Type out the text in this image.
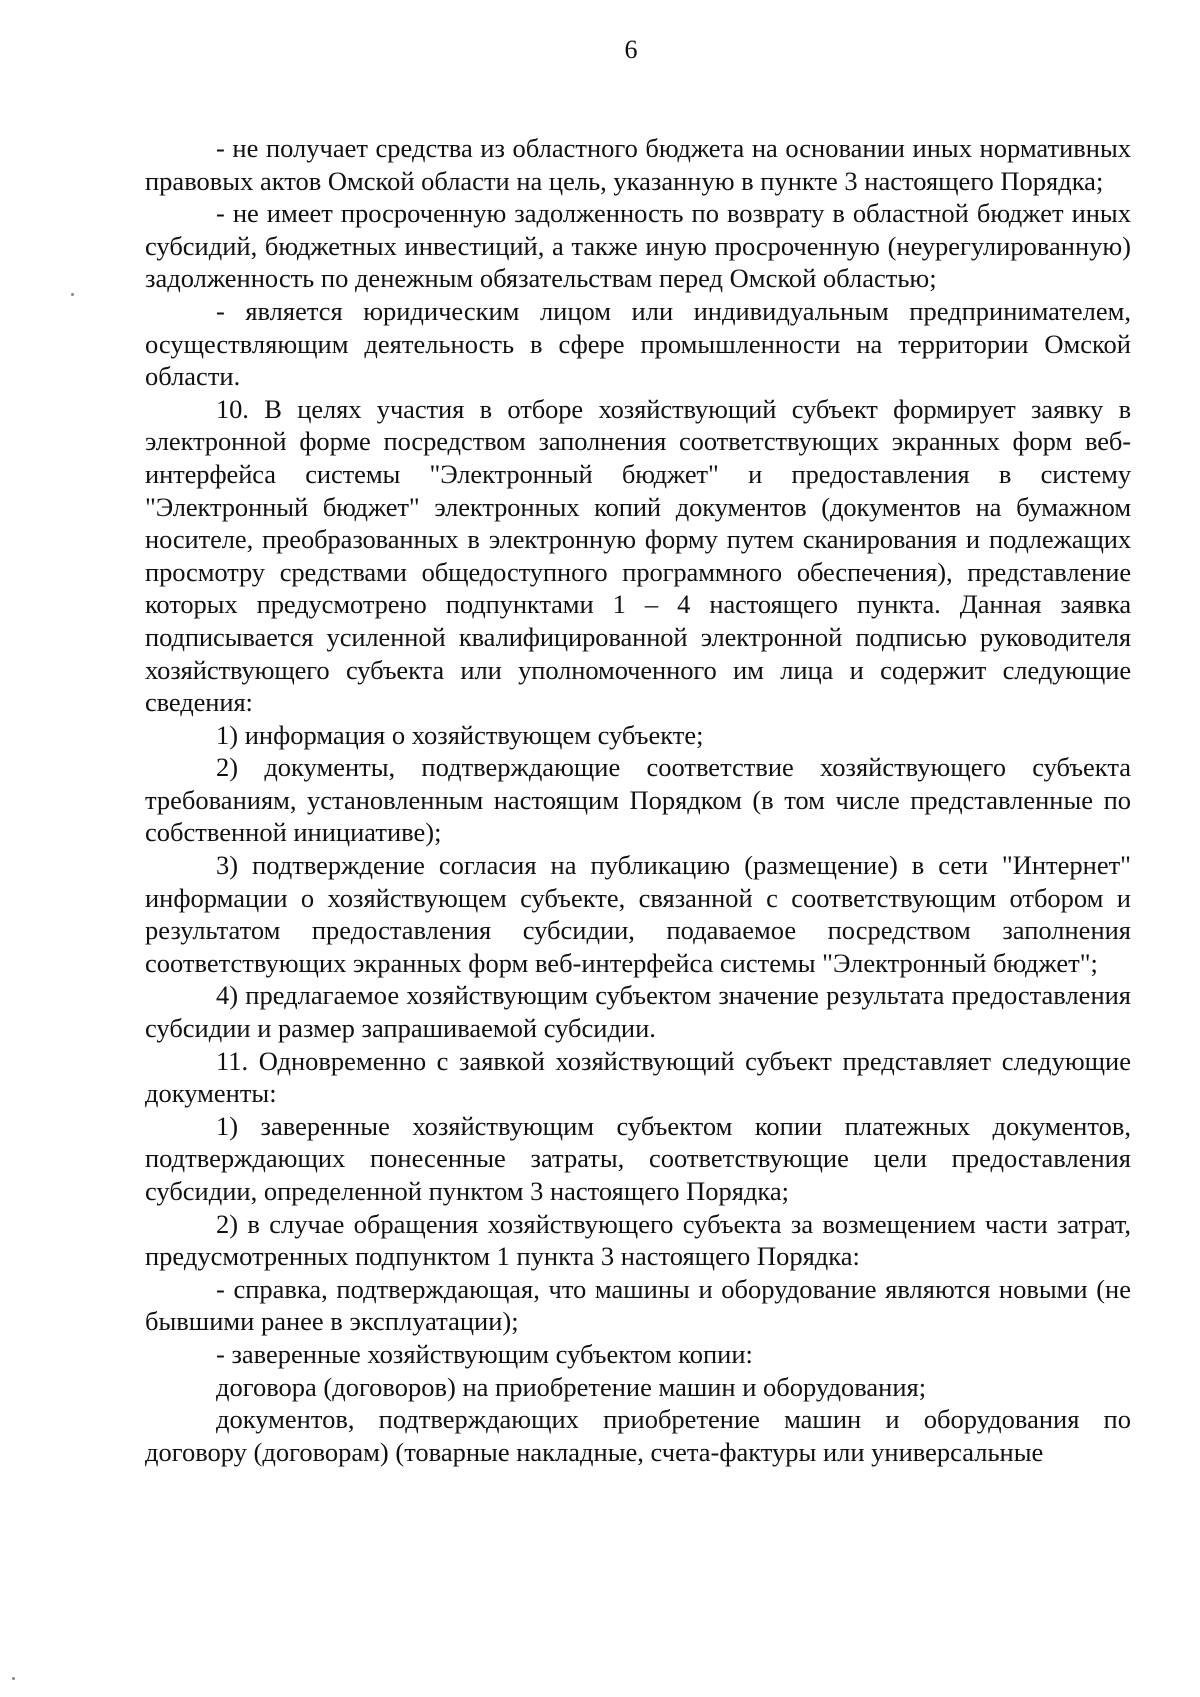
6

- не получает средства из областного бюджета на основании иных нормативных правовых актов Омской области на цель, указанную в пункте 3 настоящего Порядка;

- не имеет просроченную задолженность по возврату в областной бюджет иных субсидий, бюджетных инвестиций, а также иную просроченную (неурегулированную) задолженность по денежным обязательствам перед Омской областью;

- является юридическим лицом или индивидуальным предпринимателем, осуществляющим деятельность в сфере промышленности на территории Омской области.

10. В целях участия в отборе хозяйствующий субъект формирует заявку в электронной форме посредством заполнения соответствующих экранных форм веб-интерфейса системы "Электронный бюджет" и предоставления в систему "Электронный бюджет" электронных копий документов (документов на бумажном носителе, преобразованных в электронную форму путем сканирования и подлежащих просмотру средствами общедоступного программного обеспечения), представление которых предусмотрено подпунктами 1 – 4 настоящего пункта. Данная заявка подписывается усиленной квалифицированной электронной подписью руководителя хозяйствующего субъекта или уполномоченного им лица и содержит следующие сведения:

1) информация о хозяйствующем субъекте;

2) документы, подтверждающие соответствие хозяйствующего субъекта требованиям, установленным настоящим Порядком (в том числе представленные по собственной инициативе);

3) подтверждение согласия на публикацию (размещение) в сети "Интернет" информации о хозяйствующем субъекте, связанной с соответствующим отбором и результатом предоставления субсидии, подаваемое посредством заполнения соответствующих экранных форм веб-интерфейса системы "Электронный бюджет";

4) предлагаемое хозяйствующим субъектом значение результата предоставления субсидии и размер запрашиваемой субсидии.

11. Одновременно с заявкой хозяйствующий субъект представляет следующие документы:

1) заверенные хозяйствующим субъектом копии платежных документов, подтверждающих понесенные затраты, соответствующие цели предоставления субсидии, определенной пунктом 3 настоящего Порядка;

2) в случае обращения хозяйствующего субъекта за возмещением части затрат, предусмотренных подпунктом 1 пункта 3 настоящего Порядка:

- справка, подтверждающая, что машины и оборудование являются новыми (не бывшими ранее в эксплуатации);

- заверенные хозяйствующим субъектом копии:

договора (договоров) на приобретение машин и оборудования;

документов, подтверждающих приобретение машин и оборудования по договору (договорам) (товарные накладные, счета-фактуры или универсальные
